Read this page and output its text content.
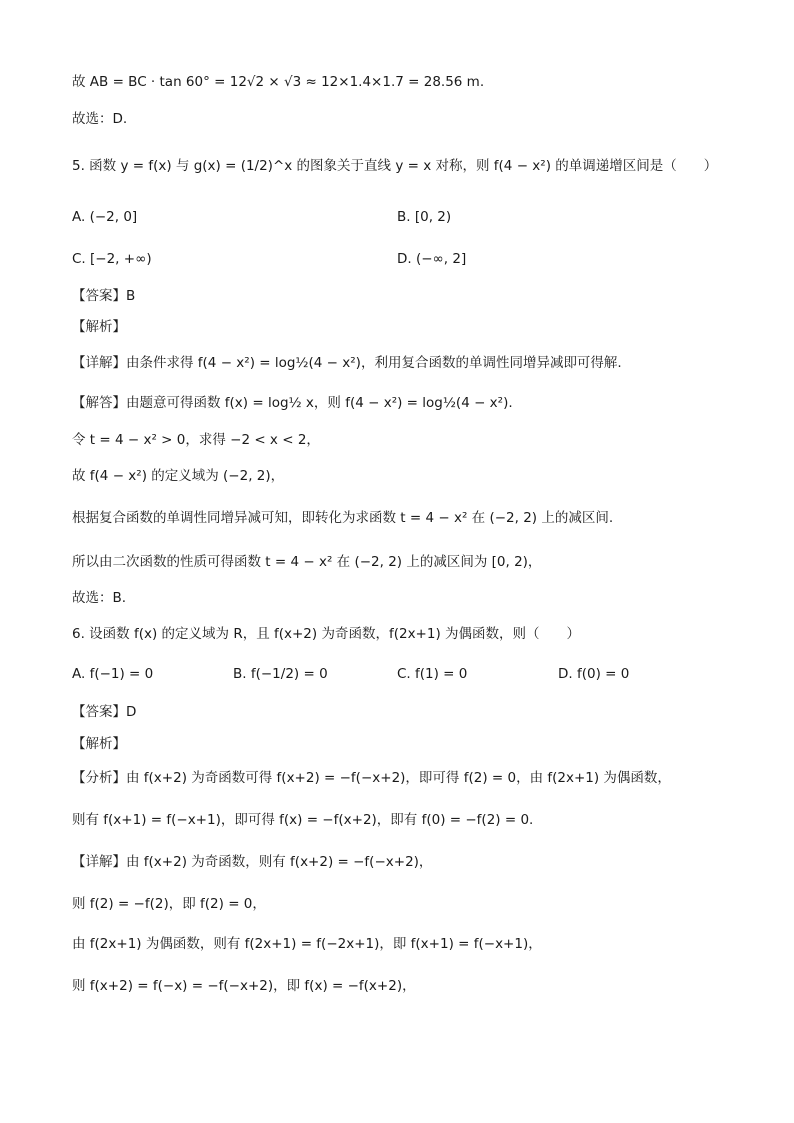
故 AB = BC · tan 60° = 12√2 × √3 ≈ 12×1.4×1.7 = 28.56 m.
故选：D.
5. 函数 y = f(x) 与 g(x) = (1/2)^x 的图象关于直线 y = x 对称，则 f(4 − x²) 的单调递增区间是（　　）
A. (−2, 0]	B. [0, 2)
C. [−2, +∞)	D. (−∞, 2]
【答案】B
【解析】
【详解】由条件求得 f(4 − x²) = log½(4 − x²)，利用复合函数的单调性同增异减即可得解.
【解答】由题意可得函数 f(x) = log½ x，则 f(4 − x²) = log½(4 − x²).
令 t = 4 − x² > 0，求得 −2 < x < 2，
故 f(4 − x²) 的定义域为 (−2, 2)，
根据复合函数的单调性同增异减可知，即转化为求函数 t = 4 − x² 在 (−2, 2) 上的减区间.
所以由二次函数的性质可得函数 t = 4 − x² 在 (−2, 2) 上的减区间为 [0, 2)，
故选：B.
6. 设函数 f(x) 的定义域为 R，且 f(x+2) 为奇函数，f(2x+1) 为偶函数，则（　　）
A. f(−1) = 0	B. f(−1/2) = 0	C. f(1) = 0	D. f(0) = 0
【答案】D
【解析】
【分析】由 f(x+2) 为奇函数可得 f(x+2) = −f(−x+2)，即可得 f(2) = 0，由 f(2x+1) 为偶函数，
则有 f(x+1) = f(−x+1)，即可得 f(x) = −f(x+2)，即有 f(0) = −f(2) = 0.
【详解】由 f(x+2) 为奇函数，则有 f(x+2) = −f(−x+2)，
则 f(2) = −f(2)，即 f(2) = 0，
由 f(2x+1) 为偶函数，则有 f(2x+1) = f(−2x+1)，即 f(x+1) = f(−x+1)，
则 f(x+2) = f(−x) = −f(−x+2)，即 f(x) = −f(x+2)，
